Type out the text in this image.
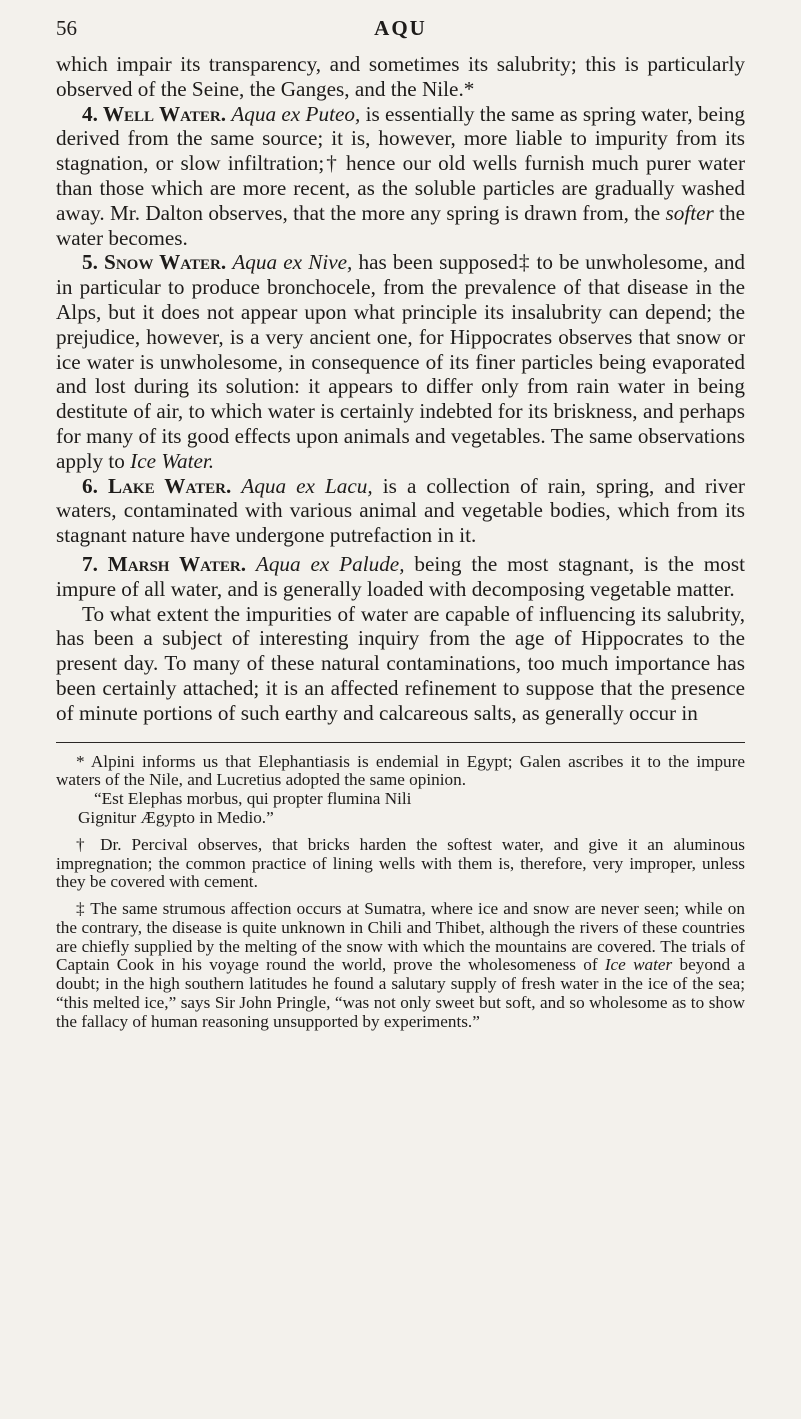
56	AQU

which impair its transparency, and sometimes its salubrity; this is particularly observed of the Seine, the Ganges, and the Nile.*

4. Well Water. Aqua ex Puteo, is essentially the same as spring water, being derived from the same source; it is, however, more liable to impurity from its stagnation, or slow infiltration;† hence our old wells furnish much purer water than those which are more recent, as the soluble particles are gradually washed away. Mr. Dalton observes, that the more any spring is drawn from, the softer the water becomes.

5. Snow Water. Aqua ex Nive, has been supposed‡ to be unwholesome, and in particular to produce bronchocele, from the prevalence of that disease in the Alps, but it does not appear upon what principle its insalubrity can depend; the prejudice, however, is a very ancient one, for Hippocrates observes that snow or ice water is unwholesome, in consequence of its finer particles being evaporated and lost during its solution: it appears to differ only from rain water in being destitute of air, to which water is certainly indebted for its briskness, and perhaps for many of its good effects upon animals and vegetables. The same observations apply to Ice Water.

6. Lake Water. Aqua ex Lacu, is a collection of rain, spring, and river waters, contaminated with various animal and vegetable bodies, which from its stagnant nature have undergone putrefaction in it.

7. Marsh Water. Aqua ex Palude, being the most stagnant, is the most impure of all water, and is generally loaded with decomposing vegetable matter.

To what extent the impurities of water are capable of influencing its salubrity, has been a subject of interesting inquiry from the age of Hippocrates to the present day. To many of these natural contaminations, too much importance has been certainly attached; it is an affected refinement to suppose that the presence of minute portions of such earthy and calcareous salts, as generally occur in

* Alpini informs us that Elephantiasis is endemial in Egypt; Galen ascribes it to the impure waters of the Nile, and Lucretius adopted the same opinion.

“Est Elephas morbus, qui propter flumina Nili

Gignitur Ægypto in Medio.”

† Dr. Percival observes, that bricks harden the softest water, and give it an aluminous impregnation; the common practice of lining wells with them is, therefore, very improper, unless they be covered with cement.

‡ The same strumous affection occurs at Sumatra, where ice and snow are never seen; while on the contrary, the disease is quite unknown in Chili and Thibet, although the rivers of these countries are chiefly supplied by the melting of the snow with which the mountains are covered. The trials of Captain Cook in his voyage round the world, prove the wholesomeness of Ice water beyond a doubt; in the high southern latitudes he found a salutary supply of fresh water in the ice of the sea; “this melted ice,” says Sir John Pringle, “was not only sweet but soft, and so wholesome as to show the fallacy of human reasoning unsupported by experiments.”
